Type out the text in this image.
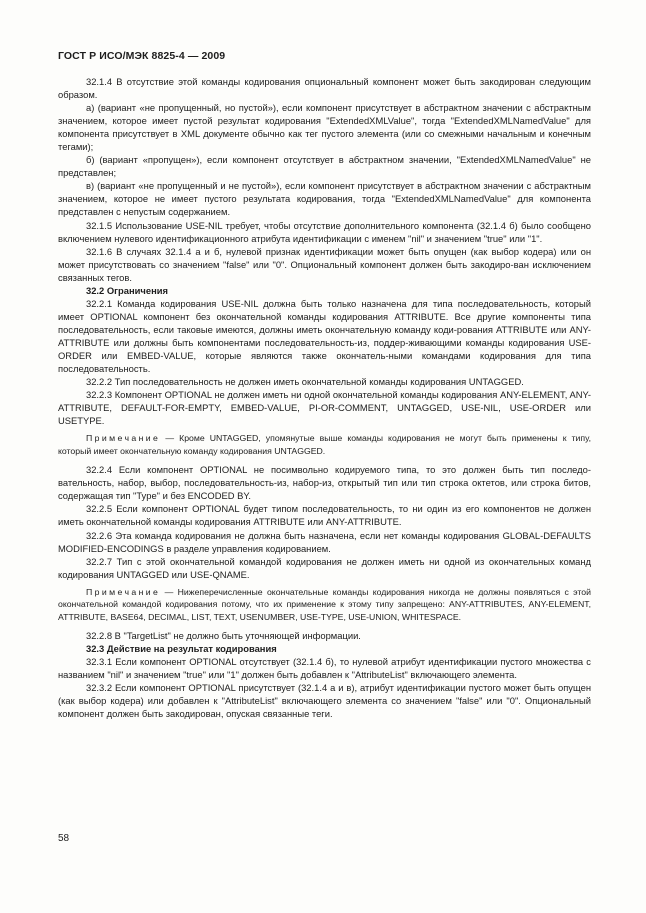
ГОСТ Р ИСО/МЭК 8825-4 — 2009

32.1.4 В отсутствие этой команды кодирования опциональный компонент может быть закодирован следующим образом.

а) (вариант «не пропущенный, но пустой»), если компонент присутствует в абстрактном значении с абстрактным значением, которое имеет пустой результат кодирования "ExtendedXMLValue", тогда "ExtendedXMLNamedValue" для компонента присутствует в XML документе обычно как тег пустого элемента (или со смежными начальным и конечным тегами);

б) (вариант «пропущен»), если компонент отсутствует в абстрактном значении, "ExtendedXMLNamedValue" не представлен;

в) (вариант «не пропущенный и не пустой»), если компонент присутствует в абстрактном значении с абстрактным значением, которое не имеет пустого результата кодирования, тогда "ExtendedXMLNamedValue" для компонента представлен с непустым содержанием.

32.1.5 Использование USE-NIL требует, чтобы отсутствие дополнительного компонента (32.1.4 б) было сообщено включением нулевого идентификационного атрибута идентификации с именем "nil" и значением "true" или "1".

32.1.6 В случаях 32.1.4 а и б, нулевой признак идентификации может быть опущен (как выбор кодера) или он может присутствовать со значением "false" или "0". Опциональный компонент должен быть закодиро-ван исключением связанных тегов.

32.2 Ограничения

32.2.1 Команда кодирования USE-NIL должна быть только назначена для типа последовательность, который имеет OPTIONAL компонент без окончательной команды кодирования ATTRIBUTE. Все другие компоненты типа последовательность, если таковые имеются, должны иметь окончательную команду коди-рования ATTRIBUTE или ANY-ATTRIBUTE или должны быть компонентами последовательность-из, поддер-живающими команды кодирования USE-ORDER или EMBED-VALUE, которые являются также окончатель-ными командами кодирования для типа последовательность.

32.2.2 Тип последовательность не должен иметь окончательной команды кодирования UNTAGGED.

32.2.3 Компонент OPTIONAL не должен иметь ни одной окончательной команды кодирования ANY-ELEMENT, ANY-ATTRIBUTE, DEFAULT-FOR-EMPTY, EMBED-VALUE, PI-OR-COMMENT, UNTAGGED, USE-NIL, USE-ORDER или USETYPE.

Примечание — Кроме UNTAGGED, упомянутые выше команды кодирования не могут быть применены к типу, который имеет окончательную команду кодирования UNTAGGED.

32.2.4 Если компонент OPTIONAL не посимвольно кодируемого типа, то это должен быть тип последо-вательность, набор, выбор, последовательность-из, набор-из, открытый тип или тип строка октетов, или строка битов, содержащая тип "Type" и без ENCODED BY.

32.2.5 Если компонент OPTIONAL будет типом последовательность, то ни один из его компонентов не должен иметь окончательной команды кодирования ATTRIBUTE или ANY-ATTRIBUTE.

32.2.6 Эта команда кодирования не должна быть назначена, если нет команды кодирования GLOBAL-DEFAULTS MODIFIED-ENCODINGS в разделе управления кодированием.

32.2.7 Тип с этой окончательной командой кодирования не должен иметь ни одной из окончательных команд кодирования UNTAGGED или USE-QNAME.

Примечание — Нижеперечисленные окончательные команды кодирования никогда не должны появляться с этой окончательной командой кодирования потому, что их применение к этому типу запрещено: ANY-ATTRIBUTES, ANY-ELEMENT, ATTRIBUTE, BASE64, DECIMAL, LIST, TEXT, USENUMBER, USE-TYPE, USE-UNION, WHITESPACE.

32.2.8 В "TargetList" не должно быть уточняющей информации.

32.3 Действие на результат кодирования

32.3.1 Если компонент OPTIONAL отсутствует (32.1.4 б), то нулевой атрибут идентификации пустого множества с названием "nil" и значением "true" или "1" должен быть добавлен к "AttributeList" включающего элемента.

32.3.2 Если компонент OPTIONAL присутствует (32.1.4 а и в), атрибут идентификации пустого может быть опущен (как выбор кодера) или добавлен к "AttributeList" включающего элемента со значением "false" или "0". Опциональный компонент должен быть закодирован, опуская связанные теги.

58
